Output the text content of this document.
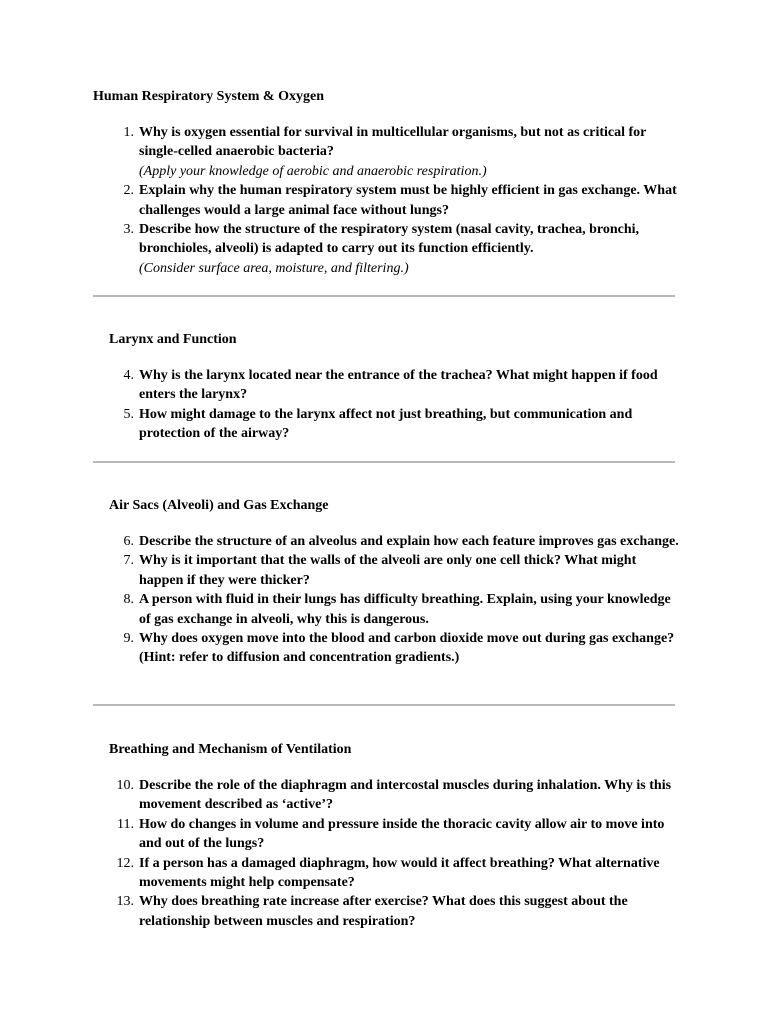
Human Respiratory System & Oxygen
1. Why is oxygen essential for survival in multicellular organisms, but not as critical for single-celled anaerobic bacteria?
(Apply your knowledge of aerobic and anaerobic respiration.)
2. Explain why the human respiratory system must be highly efficient in gas exchange. What challenges would a large animal face without lungs?
3. Describe how the structure of the respiratory system (nasal cavity, trachea, bronchi, bronchioles, alveoli) is adapted to carry out its function efficiently.
(Consider surface area, moisture, and filtering.)
Larynx and Function
4. Why is the larynx located near the entrance of the trachea? What might happen if food enters the larynx?
5. How might damage to the larynx affect not just breathing, but communication and protection of the airway?
Air Sacs (Alveoli) and Gas Exchange
6. Describe the structure of an alveolus and explain how each feature improves gas exchange.
7. Why is it important that the walls of the alveoli are only one cell thick? What might happen if they were thicker?
8. A person with fluid in their lungs has difficulty breathing. Explain, using your knowledge of gas exchange in alveoli, why this is dangerous.
9. Why does oxygen move into the blood and carbon dioxide move out during gas exchange? (Hint: refer to diffusion and concentration gradients.)
Breathing and Mechanism of Ventilation
10. Describe the role of the diaphragm and intercostal muscles during inhalation. Why is this movement described as ‘active’?
11. How do changes in volume and pressure inside the thoracic cavity allow air to move into and out of the lungs?
12. If a person has a damaged diaphragm, how would it affect breathing? What alternative movements might help compensate?
13. Why does breathing rate increase after exercise? What does this suggest about the relationship between muscles and respiration?
